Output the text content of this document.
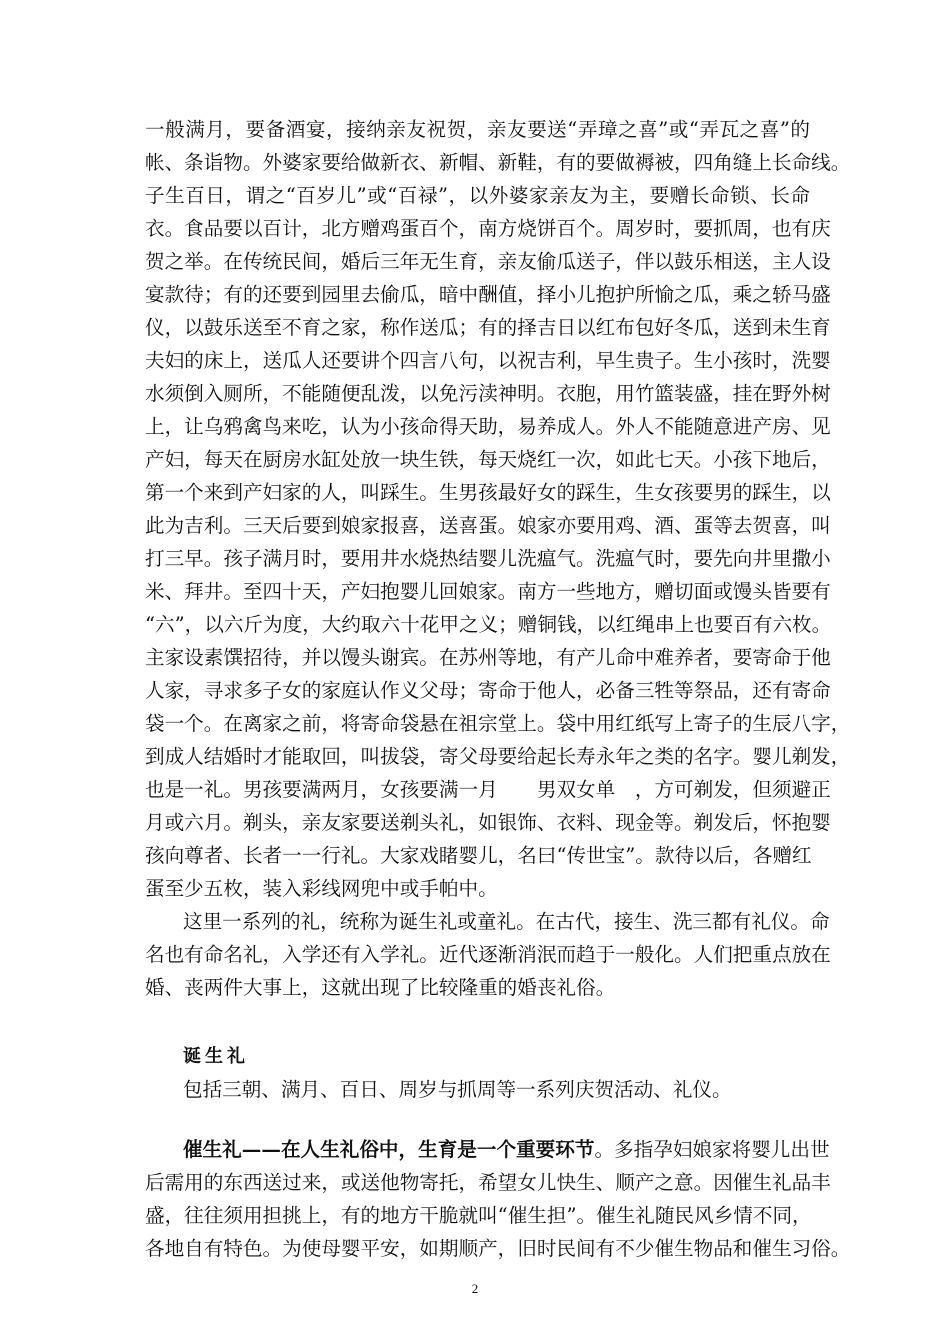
一般满月，要备酒宴，接纳亲友祝贺，亲友要送“弄璋之喜”或“弄瓦之喜”的
帐、条诣物。外婆家要给做新衣、新帽、新鞋，有的要做褥被，四角缝上长命线。
子生百日，谓之“百岁儿”或“百禄”，以外婆家亲友为主，要赠长命锁、长命
衣。食品要以百计，北方赠鸡蛋百个，南方烧饼百个。周岁时，要抓周，也有庆
贺之举。在传统民间，婚后三年无生育，亲友偷瓜送子，伴以鼓乐相送，主人设
宴款待；有的还要到园里去偷瓜，暗中酬值，择小儿抱护所愉之瓜，乘之轿马盛
仪，以鼓乐送至不育之家，称作送瓜；有的择吉日以红布包好冬瓜，送到未生育
夫妇的床上，送瓜人还要讲个四言八句，以祝吉利，早生贵子。生小孩时，洗婴
水须倒入厕所，不能随便乱泼，以免污渎神明。衣胞，用竹篮装盛，挂在野外树
上，让乌鸦禽鸟来吃，认为小孩命得天助，易养成人。外人不能随意进产房、见
产妇，每天在厨房水缸处放一块生铁，每天烧红一次，如此七天。小孩下地后，
第一个来到产妇家的人，叫踩生。生男孩最好女的踩生，生女孩要男的踩生，以
此为吉利。三天后要到娘家报喜，送喜蛋。娘家亦要用鸡、酒、蛋等去贺喜，叫
打三早。孩子满月时，要用井水烧热结婴儿洗瘟气。洗瘟气时，要先向井里撒小
米、拜井。至四十天，产妇抱婴儿回娘家。南方一些地方，赠切面或馒头皆要有
“六”，以六斤为度，大约取六十花甲之义；赠铜钱，以红绳串上也要百有六枚。
主家设素馔招待，并以馒头谢宾。在苏州等地，有产儿命中难养者，要寄命于他
人家，寻求多子女的家庭认作义父母；寄命于他人，必备三牲等祭品，还有寄命
袋一个。在离家之前，将寄命袋悬在祖宗堂上。袋中用红纸写上寄子的生辰八字，
到成人结婚时才能取回，叫拔袋，寄父母要给起长寿永年之类的名字。婴儿剃发，
也是一礼。男孩要满两月，女孩要满一月　　男双女单　，方可剃发，但须避正
月或六月。剃头，亲友家要送剃头礼，如银饰、衣料、现金等。剃发后，怀抱婴
孩向尊者、长者一一行礼。大家戏睹婴儿，名曰“传世宝”。款待以后，各赠红
蛋至少五枚，装入彩线网兜中或手帕中。
这里一系列的礼，统称为诞生礼或童礼。在古代，接生、洗三都有礼仪。命
名也有命名礼，入学还有入学礼。近代逐渐消泯而趋于一般化。人们把重点放在
婚、丧两件大事上，这就出现了比较隆重的婚丧礼俗。
诞生礼
包括三朝、满月、百日、周岁与抓周等一系列庆贺活动、礼仪。
催生礼——在人生礼俗中，生育是一个重要环节。多指孕妇娘家将婴儿出世
后需用的东西送过来，或送他物寄托，希望女儿快生、顺产之意。因催生礼品丰
盛，往往须用担挑上，有的地方干脆就叫“催生担”。催生礼随民风乡情不同，
各地自有特色。为使母婴平安，如期顺产，旧时民间有不少催生物品和催生习俗。
2
